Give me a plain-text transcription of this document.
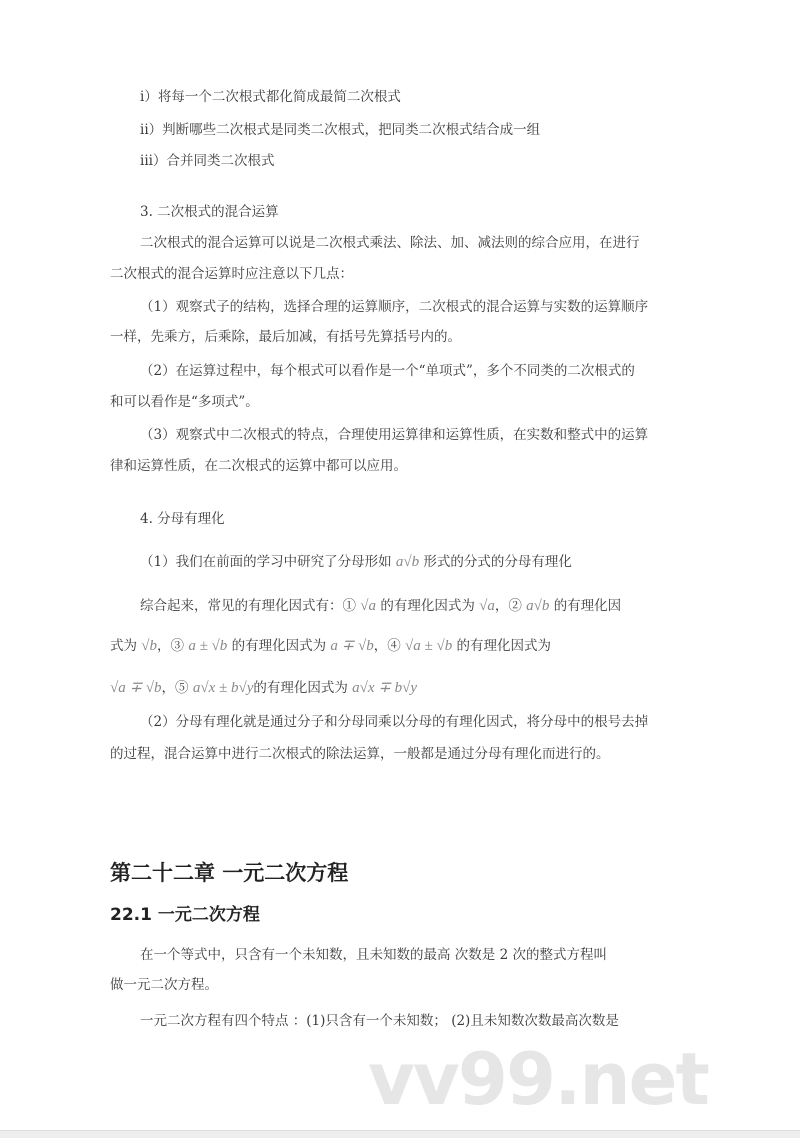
vv99.net
i）将每一个二次根式都化简成最简二次根式
ii）判断哪些二次根式是同类二次根式，把同类二次根式结合成一组
iii）合并同类二次根式
3. 二次根式的混合运算
二次根式的混合运算可以说是二次根式乘法、除法、加、减法则的综合应用，在进行
二次根式的混合运算时应注意以下几点：
（1）观察式子的结构，选择合理的运算顺序，二次根式的混合运算与实数的运算顺序
一样，先乘方，后乘除，最后加减，有括号先算括号内的。
（2）在运算过程中，每个根式可以看作是一个“单项式”，多个不同类的二次根式的
和可以看作是“多项式”。
（3）观察式中二次根式的特点，合理使用运算律和运算性质，在实数和整式中的运算
律和运算性质，在二次根式的运算中都可以应用。
4. 分母有理化
（1）我们在前面的学习中研究了分母形如 a√b 形式的分式的分母有理化
综合起来，常见的有理化因式有：① √a 的有理化因式为 √a，② a√b 的有理化因
式为 √b，③ a ± √b 的有理化因式为 a ∓ √b，④ √a ± √b 的有理化因式为
√a ∓ √b，⑤ a√x ± b√y的有理化因式为 a√x ∓ b√y
（2）分母有理化就是通过分子和分母同乘以分母的有理化因式，将分母中的根号去掉
的过程，混合运算中进行二次根式的除法运算，一般都是通过分母有理化而进行的。
第二十二章 一元二次方程
22.1 一元二次方程
在一个等式中，只含有一个未知数，且未知数的最高 次数是 2 次的整式方程叫
做一元二次方程。
一元二次方程有四个特点 ：(1)只含有一个未知数； (2)且未知数次数最高次数是
